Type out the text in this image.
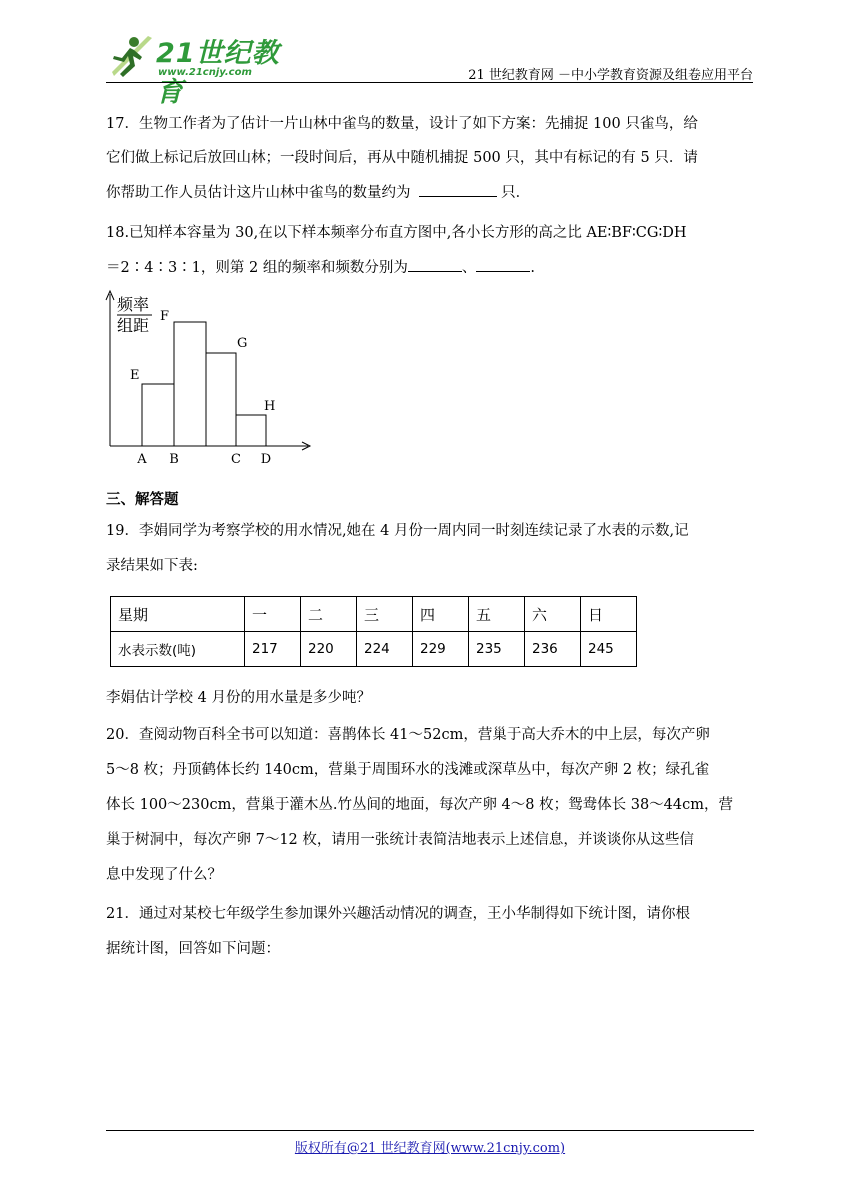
21世纪教育
www.21cnjy.com	21 世纪教育网 －中小学教育资源及组卷应用平台
17．生物工作者为了估计一片山林中雀鸟的数量，设计了如下方案：先捕捉 100 只雀鸟，给
它们做上标记后放回山林；一段时间后，再从中随机捕捉 500 只，其中有标记的有 5 只．请
你帮助工作人员估计这片山林中雀鸟的数量约为	只．
18.已知样本容量为 30,在以下样本频率分布直方图中,各小长方形的高之比 AE∶BF∶CG∶DH
＝2∶4∶3∶1，则第 2 组的频率和频数分别为	、	.
频率
组距
E
F
G
H
A B	C D
三、解答题
19．李娟同学为考察学校的用水情况,她在 4 月份一周内同一时刻连续记录了水表的示数,记
录结果如下表:
星期	一	二	三	四	五	六	日
水表示数(吨)	217	220	224	229	235	236	245
李娟估计学校 4 月份的用水量是多少吨？
20．查阅动物百科全书可以知道：喜鹊体长 41～52cm，营巢于高大乔木的中上层，每次产卵
5～8 枚；丹顶鹤体长约 140cm，营巢于周围环水的浅滩或深草丛中，每次产卵 2 枚；绿孔雀
体长 100～230cm，营巢于灌木丛.竹丛间的地面，每次产卵 4～8 枚；鸳鸯体长 38～44cm，营
巢于树洞中，每次产卵 7～12 枚，请用一张统计表简洁地表示上述信息，并谈谈你从这些信
息中发现了什么？
21．通过对某校七年级学生参加课外兴趣活动情况的调查，王小华制得如下统计图，请你根
据统计图，回答如下问题：
版权所有@21 世纪教育网(www.21cnjy.com)
